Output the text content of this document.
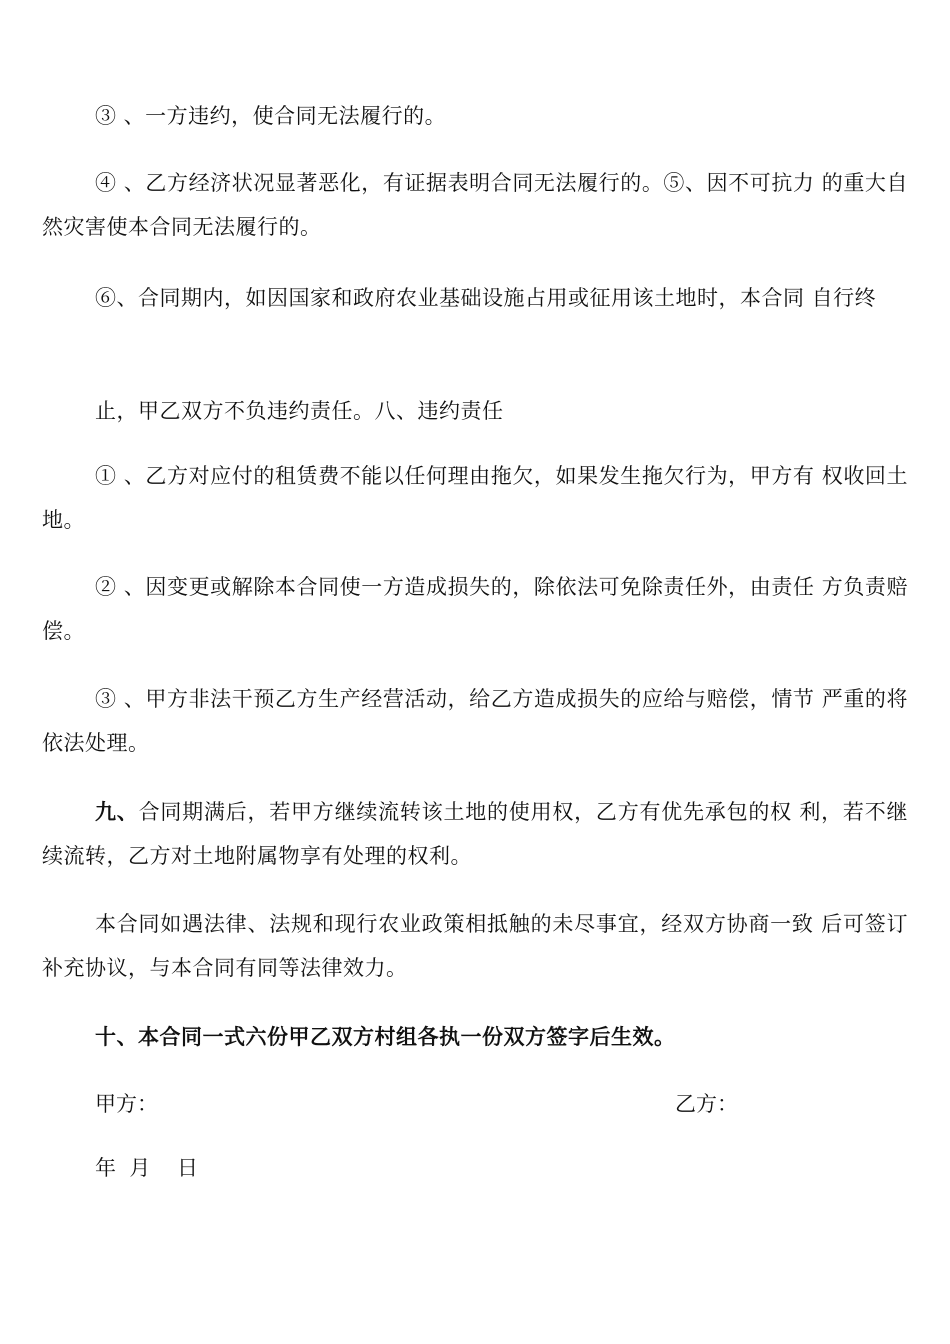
③ 、一方违约，使合同无法履行的。

④ 、乙方经济状况显著恶化，有证据表明合同无法履行的。⑤、因不可抗力 的重大自然灾害使本合同无法履行的。

⑥、合同期内，如因国家和政府农业基础设施占用或征用该土地时，本合同 自行终

止，甲乙双方不负违约责任。八、违约责任

① 、乙方对应付的租赁费不能以任何理由拖欠，如果发生拖欠行为，甲方有 权收回土地。

② 、因变更或解除本合同使一方造成损失的，除依法可免除责任外，由责任 方负责赔偿。

③ 、甲方非法干预乙方生产经营活动，给乙方造成损失的应给与赔偿，情节 严重的将依法处理。

九、合同期满后，若甲方继续流转该土地的使用权，乙方有优先承包的权 利，若不继续流转，乙方对土地附属物享有处理的权利。

本合同如遇法律、法规和现行农业政策相抵触的未尽事宜，经双方协商一致 后可签订补充协议，与本合同有同等法律效力。

十、本合同一式六份甲乙双方村组各执一份双方签字后生效。

甲方：	乙方：
年  月    日
